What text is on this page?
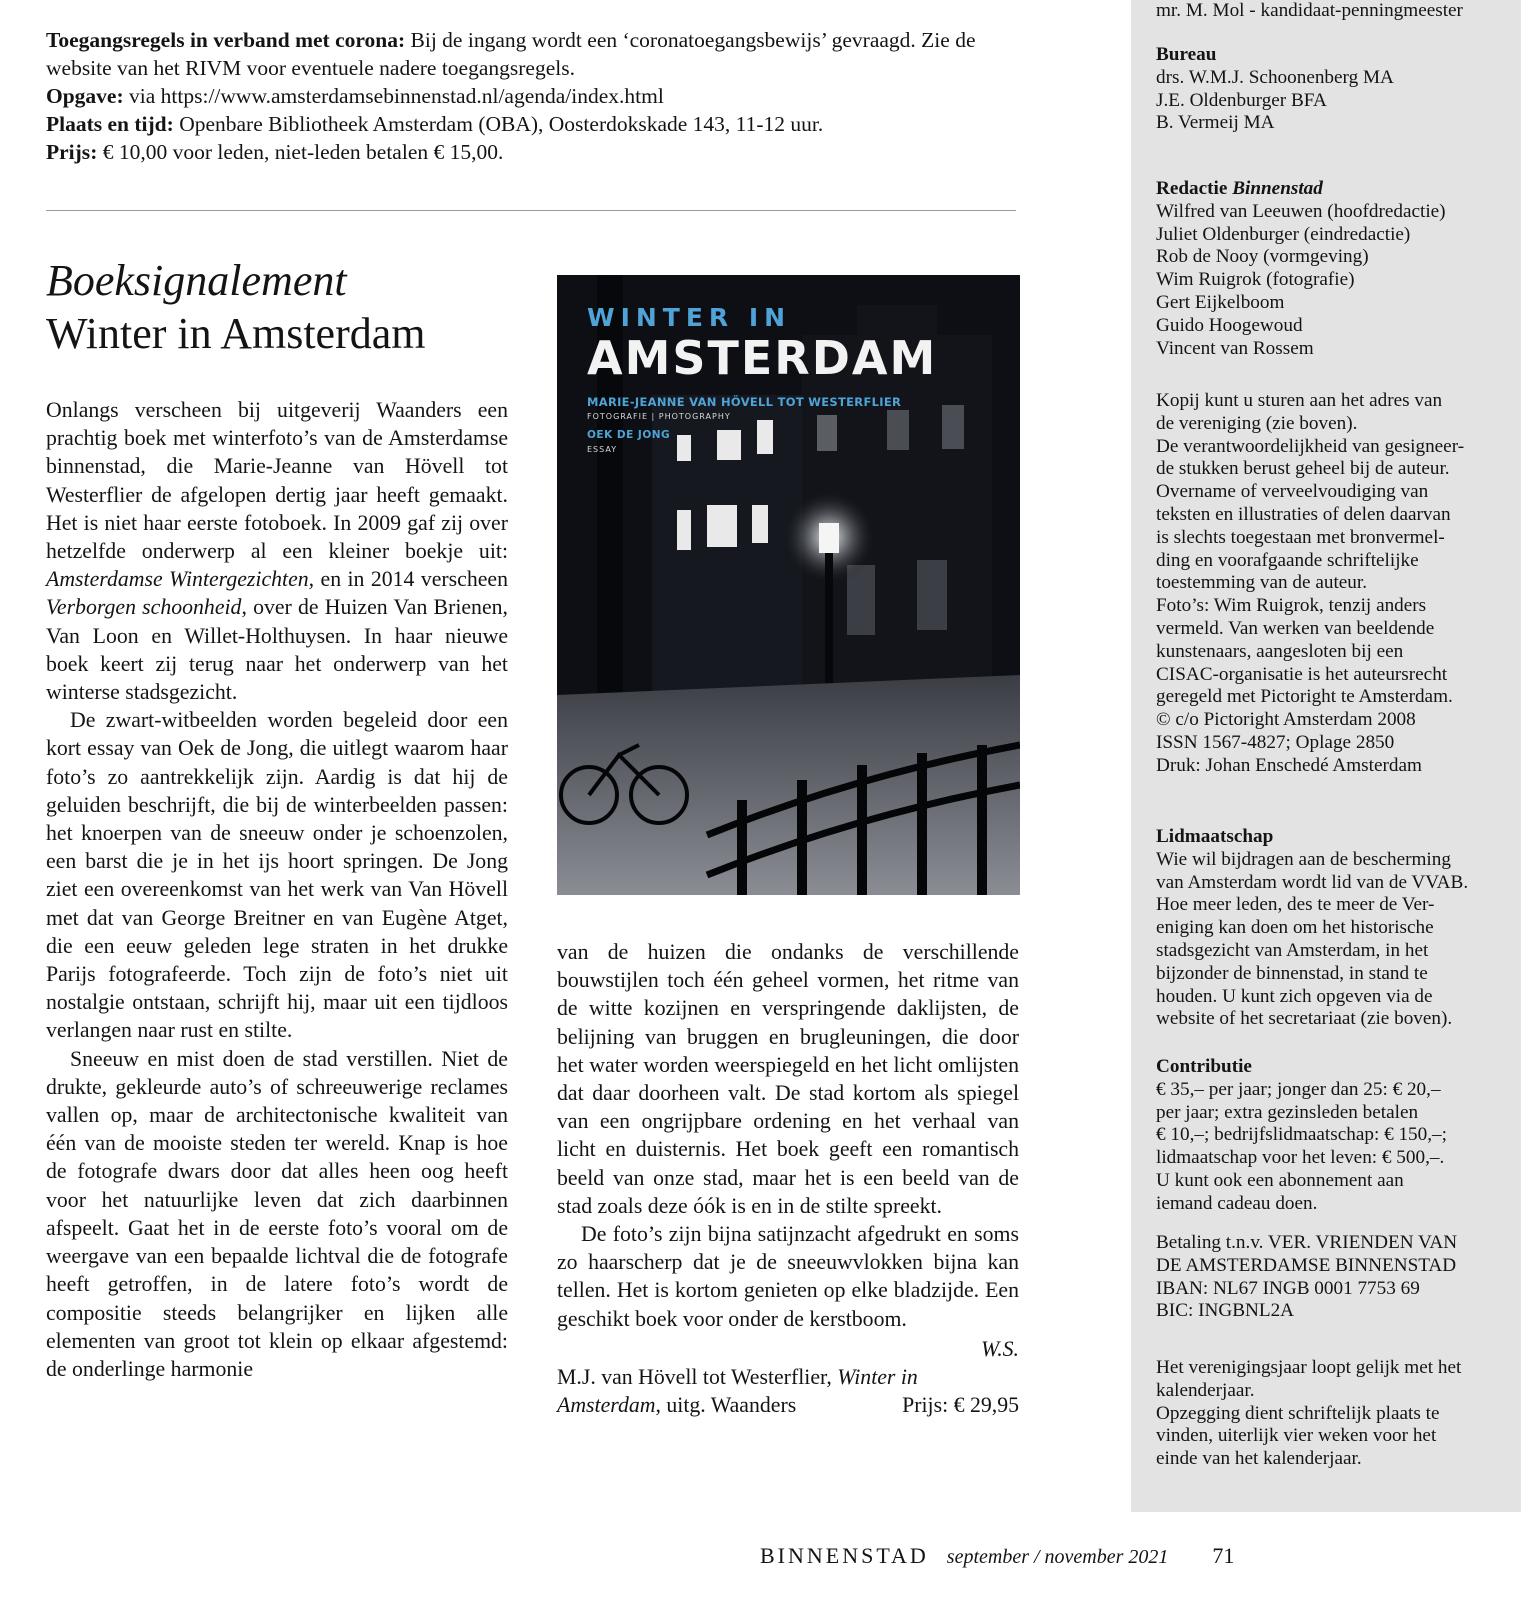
Toegangsregels in verband met corona: Bij de ingang wordt een ‘coronatoegangsbewijs’ gevraagd. Zie de website van het RIVM voor eventuele nadere toegangsregels.

Opgave: via https://www.amsterdamsebinnenstad.nl/agenda/index.html

Plaats en tijd: Openbare Bibliotheek Amsterdam (OBA), Oosterdokskade 143, 11-12 uur.

Prijs: € 10,00 voor leden, niet-leden betalen € 15,00.

Boeksignalement
Winter in Amsterdam

Onlangs verscheen bij uitgeverij Waanders een prachtig boek met winterfoto’s van de Amsterdamse binnenstad, die Marie-Jeanne van Hövell tot Westerflier de afgelopen dertig jaar heeft gemaakt. Het is niet haar eerste fotoboek. In 2009 gaf zij over hetzelfde onderwerp al een kleiner boekje uit: Amsterdamse Wintergezichten, en in 2014 verscheen Verborgen schoonheid, over de Huizen Van Brienen, Van Loon en Willet-Holthuysen. In haar nieuwe boek keert zij terug naar het onderwerp van het winterse stadsgezicht.

De zwart-witbeelden worden begeleid door een kort essay van Oek de Jong, die uitlegt waarom haar foto’s zo aantrekkelijk zijn. Aardig is dat hij de geluiden beschrijft, die bij de winterbeelden passen: het knoerpen van de sneeuw onder je schoenzolen, een barst die je in het ijs hoort springen. De Jong ziet een overeenkomst van het werk van Van Hövell met dat van George Breitner en van Eugène Atget, die een eeuw geleden lege straten in het drukke Parijs fotografeerde. Toch zijn de foto’s niet uit nostalgie ontstaan, schrijft hij, maar uit een tijdloos verlangen naar rust en stilte.

Sneeuw en mist doen de stad verstillen. Niet de drukte, gekleurde auto’s of schreeuwerige reclames vallen op, maar de architectonische kwaliteit van één van de mooiste steden ter wereld. Knap is hoe de fotografe dwars door dat alles heen oog heeft voor het natuurlijke leven dat zich daarbinnen afspeelt. Gaat het in de eerste foto’s vooral om de weergave van een bepaalde lichtval die de fotografe heeft getroffen, in de latere foto’s wordt de compositie steeds belangrijker en lijken alle elementen van groot tot klein op elkaar afgestemd: de onderlinge harmonie

WINTER IN
AMSTERDAM
MARIE-JEANNE VAN HÖVELL TOT WESTERFLIER
FOTOGRAFIE | PHOTOGRAPHY
OEK DE JONG
ESSAY

van de huizen die ondanks de verschillende bouwstijlen toch één geheel vormen, het ritme van de witte kozijnen en verspringende daklijsten, de belijning van bruggen en brugleuningen, die door het water worden weerspiegeld en het licht omlijsten dat daar doorheen valt. De stad kortom als spiegel van een ongrijpbare ordening en het verhaal van licht en duisternis. Het boek geeft een romantisch beeld van onze stad, maar het is een beeld van de stad zoals deze óók is en in de stilte spreekt.

De foto’s zijn bijna satijnzacht afgedrukt en soms zo haarscherp dat je de sneeuwvlokken bijna kan tellen. Het is kortom genieten op elke bladzijde. Een geschikt boek voor onder de kerstboom.

W.S.

M.J. van Hövell tot Westerflier, Winter in
Amsterdam, uitg. Waanders	Prijs: € 29,95

mr. M. Mol - kandidaat-penningmeester

Bureau

drs. W.M.J. Schoonenberg MA

J.E. Oldenburger BFA

B. Vermeij MA

Redactie Binnenstad

Wilfred van Leeuwen (hoofdredactie)

Juliet Oldenburger (eindredactie)

Rob de Nooy (vormgeving)

Wim Ruigrok (fotografie)

Gert Eijkelboom

Guido Hoogewoud

Vincent van Rossem

Kopij kunt u sturen aan het adres van

de vereniging (zie boven).

De verantwoordelijkheid van gesigneer-

de stukken berust geheel bij de auteur.

Overname of verveelvoudiging van

teksten en illustraties of delen daarvan

is slechts toegestaan met bronvermel-

ding en voorafgaande schriftelijke

toestemming van de auteur.

Foto’s: Wim Ruigrok, tenzij anders

vermeld. Van werken van beeldende

kunstenaars, aangesloten bij een

CISAC-organisatie is het auteursrecht

geregeld met Pictoright te Amsterdam.

© c/o Pictoright Amsterdam 2008

ISSN 1567-4827; Oplage 2850

Druk: Johan Enschedé Amsterdam

Lidmaatschap

Wie wil bijdragen aan de bescherming

van Amsterdam wordt lid van de VVAB.

Hoe meer leden, des te meer de Ver-

eniging kan doen om het historische

stadsgezicht van Amsterdam, in het

bijzonder de binnenstad, in stand te

houden. U kunt zich opgeven via de

website of het secretariaat (zie boven).

Contributie

€ 35,– per jaar; jonger dan 25: € 20,–

per jaar; extra gezinsleden betalen

€ 10,–; bedrijfslidmaatschap: € 150,–;

lidmaatschap voor het leven: € 500,–.

U kunt ook een abonnement aan

iemand cadeau doen.

Betaling t.n.v. VER. VRIENDEN VAN

DE AMSTERDAMSE BINNENSTAD

IBAN: NL67 INGB 0001 7753 69

BIC: INGBNL2A

Het verenigingsjaar loopt gelijk met het

kalenderjaar.

Opzegging dient schriftelijk plaats te

vinden, uiterlijk vier weken voor het

einde van het kalenderjaar.

BINNENSTAD september / november 2021 71
